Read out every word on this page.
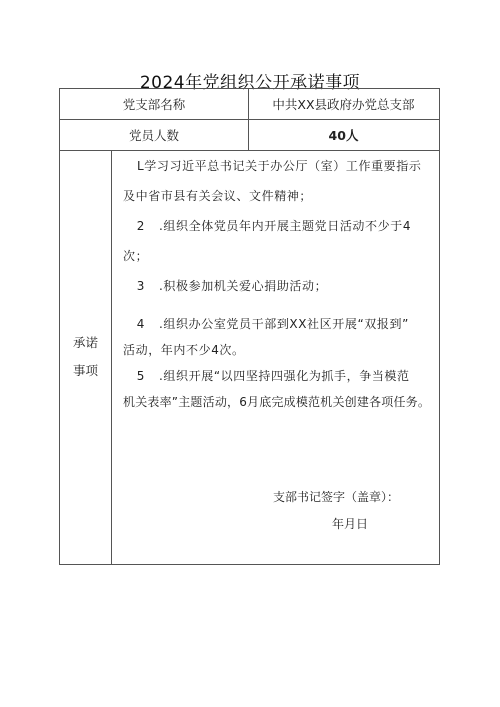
2024年党组织公开承诺事项
党支部名称	中共XX县政府办党总支部
党员人数	40人
承诺
事项
L学习习近平总书记关于办公厅（室）工作重要指示
及中省市县有关会议、文件精神；
2 .组织全体党员年内开展主题党日活动不少于4
次；
3 .积极参加机关爱心捐助活动；
4 .组织办公室党员干部到XX社区开展“双报到”
活动，年内不少4次。
5 .组织开展“以四坚持四强化为抓手，争当模范
机关表率”主题活动，6月底完成模范机关创建各项任务。
支部书记签字（盖章）：
年月日
